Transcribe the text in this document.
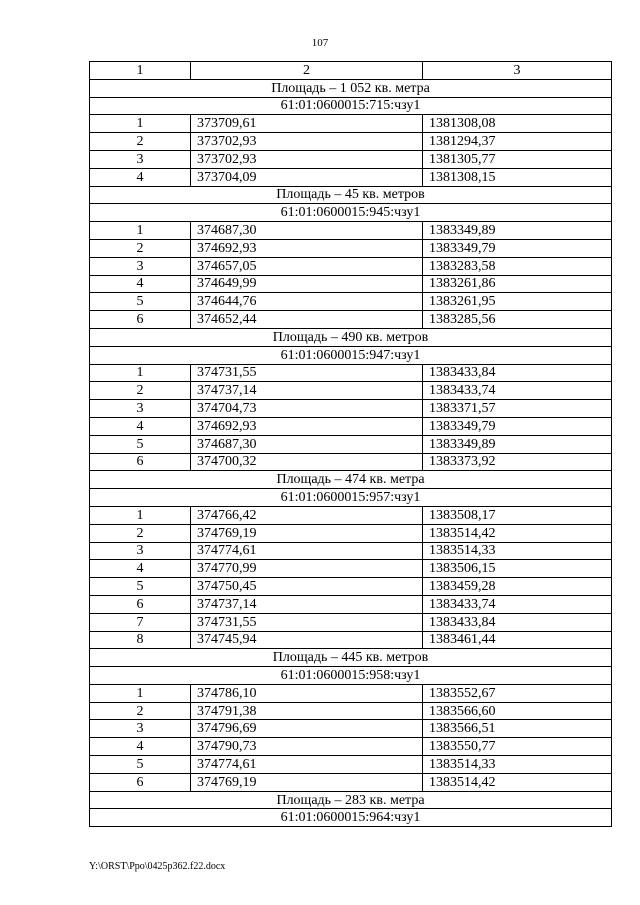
107
1	2	3
Площадь – 1 052 кв. метра		
61:01:0600015:715:чзу1		
1	373709,61	1381308,08
2	373702,93	1381294,37
3	373702,93	1381305,77
4	373704,09	1381308,15
Площадь – 45 кв. метров		
61:01:0600015:945:чзу1		
1	374687,30	1383349,89
2	374692,93	1383349,79
3	374657,05	1383283,58
4	374649,99	1383261,86
5	374644,76	1383261,95
6	374652,44	1383285,56
Площадь – 490 кв. метров		
61:01:0600015:947:чзу1		
1	374731,55	1383433,84
2	374737,14	1383433,74
3	374704,73	1383371,57
4	374692,93	1383349,79
5	374687,30	1383349,89
6	374700,32	1383373,92
Площадь – 474 кв. метра		
61:01:0600015:957:чзу1		
1	374766,42	1383508,17
2	374769,19	1383514,42
3	374774,61	1383514,33
4	374770,99	1383506,15
5	374750,45	1383459,28
6	374737,14	1383433,74
7	374731,55	1383433,84
8	374745,94	1383461,44
Площадь – 445 кв. метров		
61:01:0600015:958:чзу1		
1	374786,10	1383552,67
2	374791,38	1383566,60
3	374796,69	1383566,51
4	374790,73	1383550,77
5	374774,61	1383514,33
6	374769,19	1383514,42
Площадь – 283 кв. метра		
61:01:0600015:964:чзу1		
Y:\ORST\Ppo\0425p362.f22.docx
